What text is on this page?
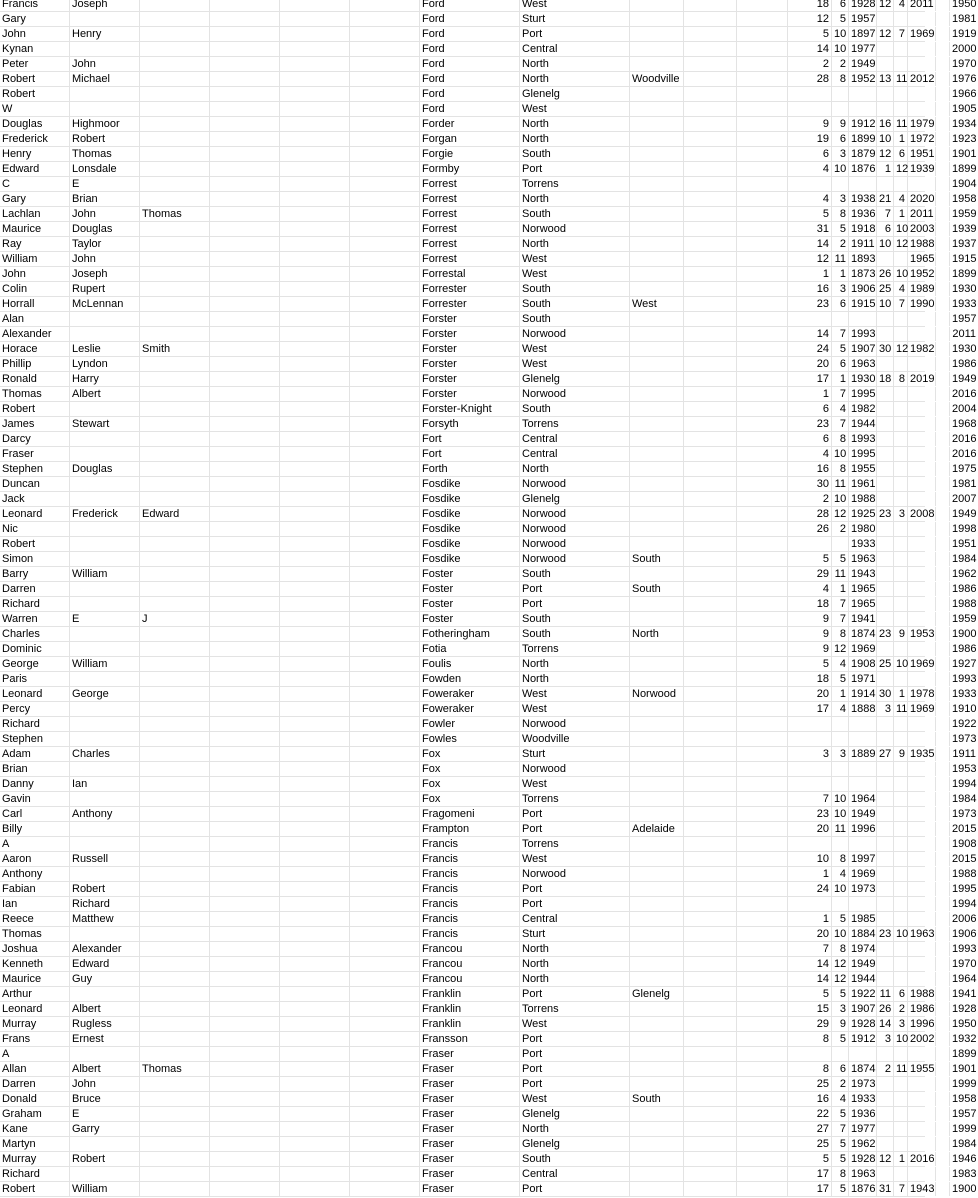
Francis	Joseph	Ford	West	18 6 1928 12 4 2011 1950
Gary	Ford	Sturt	12 5 1957	1981
John	Henry	Ford	Port	5 10 1897 12 7 1969 1919
Kynan	Ford	Central	14 10 1977	2000
Peter	John	Ford	North	2 2 1949	1970
Robert	Michael	Ford	North	Woodville	28 8 1952 13 11 2012 1976
Robert	Ford	Glenelg	1966
W	Ford	West	1905
Douglas	Highmoor	Forder	North	9 9 1912 16 11 1979 1934
Frederick	Robert	Forgan	North	19 6 1899 10 1 1972 1923
Henry	Thomas	Forgie	South	6 3 1879 12 6 1951 1901
Edward	Lonsdale	Formby	Port	4 10 1876 1 12 1939 1899
C	E	Forrest	Torrens	1904
Gary	Brian	Forrest	North	4 3 1938 21 4 2020 1958
Lachlan	John	Thomas	Forrest	South	5 8 1936 7 1 2011 1959
Maurice	Douglas	Forrest	Norwood	31 5 1918 6 10 2003 1939
Ray	Taylor	Forrest	North	14 2 1911 10 12 1988 1937
William	John	Forrest	West	12 11 1893	1965 1915
John	Joseph	Forrestal	West	1 1 1873 26 10 1952 1899
Colin	Rupert	Forrester	South	16 3 1906 25 4 1989 1930
Horrall	McLennan	Forrester	South	West	23 6 1915 10 7 1990 1933
Alan	Forster	South	1957
Alexander	Forster	Norwood	14 7 1993	2011
Horace	Leslie	Smith	Forster	West	24 5 1907 30 12 1982 1930
Phillip	Lyndon	Forster	West	20 6 1963	1986
Ronald	Harry	Forster	Glenelg	17 1 1930 18 8 2019 1949
Thomas	Albert	Forster	Norwood	1 7 1995	2016
Robert	Forster-Knight	South	6 4 1982	2004
James	Stewart	Forsyth	Torrens	23 7 1944	1968
Darcy	Fort	Central	6 8 1993	2016
Fraser	Fort	Central	4 10 1995	2016
Stephen	Douglas	Forth	North	16 8 1955	1975
Duncan	Fosdike	Norwood	30 11 1961	1981
Jack	Fosdike	Glenelg	2 10 1988	2007
Leonard	Frederick	Edward	Fosdike	Norwood	28 12 1925 23 3 2008 1949
Nic	Fosdike	Norwood	26 2 1980	1998
Robert	Fosdike	Norwood	1933	1951
Simon	Fosdike	Norwood	South	5 5 1963	1984
Barry	William	Foster	South	29 11 1943	1962
Darren	Foster	Port	South	4 1 1965	1986
Richard	Foster	Port	18 7 1965	1988
Warren	E	J	Foster	South	9 7 1941	1959
Charles	Fotheringham	South	North	9 8 1874 23 9 1953 1900
Dominic	Fotia	Torrens	9 12 1969	1986
George	William	Foulis	North	5 4 1908 25 10 1969 1927
Paris	Fowden	North	18 5 1971	1993
Leonard	George	Foweraker	West	Norwood	20 1 1914 30 1 1978 1933
Percy	Foweraker	West	17 4 1888 3 11 1969 1910
Richard	Fowler	Norwood	1922
Stephen	Fowles	Woodville	1973
Adam	Charles	Fox	Sturt	3 3 1889 27 9 1935 1911
Brian	Fox	Norwood	1953
Danny	Ian	Fox	West	1994
Gavin	Fox	Torrens	7 10 1964	1984
Carl	Anthony	Fragomeni	Port	23 10 1949	1973
Billy	Frampton	Port	Adelaide	20 11 1996	2015
A	Francis	Torrens	1908
Aaron	Russell	Francis	West	10 8 1997	2015
Anthony	Francis	Norwood	1 4 1969	1988
Fabian	Robert	Francis	Port	24 10 1973	1995
Ian	Richard	Francis	Port	1994
Reece	Matthew	Francis	Central	1 5 1985	2006
Thomas	Francis	Sturt	20 10 1884 23 10 1963 1906
Joshua	Alexander	Francou	North	7 8 1974	1993
Kenneth	Edward	Francou	North	14 12 1949	1970
Maurice	Guy	Francou	North	14 12 1944	1964
Arthur	Franklin	Port	Glenelg	5 5 1922 11 6 1988 1941
Leonard	Albert	Franklin	Torrens	15 3 1907 26 2 1986 1928
Murray	Rugless	Franklin	West	29 9 1928 14 3 1996 1950
Frans	Ernest	Fransson	Port	8 5 1912 3 10 2002 1932
A	Fraser	Port	1899
Allan	Albert	Thomas	Fraser	Port	8 6 1874 2 11 1955 1901
Darren	John	Fraser	Port	25 2 1973	1999
Donald	Bruce	Fraser	West	South	16 4 1933	1958
Graham	E	Fraser	Glenelg	22 5 1936	1957
Kane	Garry	Fraser	North	27 7 1977	1999
Martyn	Fraser	Glenelg	25 5 1962	1984
Murray	Robert	Fraser	South	5 5 1928 12 1 2016 1946
Richard	Fraser	Central	17 8 1963	1983
Robert	William	Fraser	Port	17 5 1876 31 7 1943 1900
